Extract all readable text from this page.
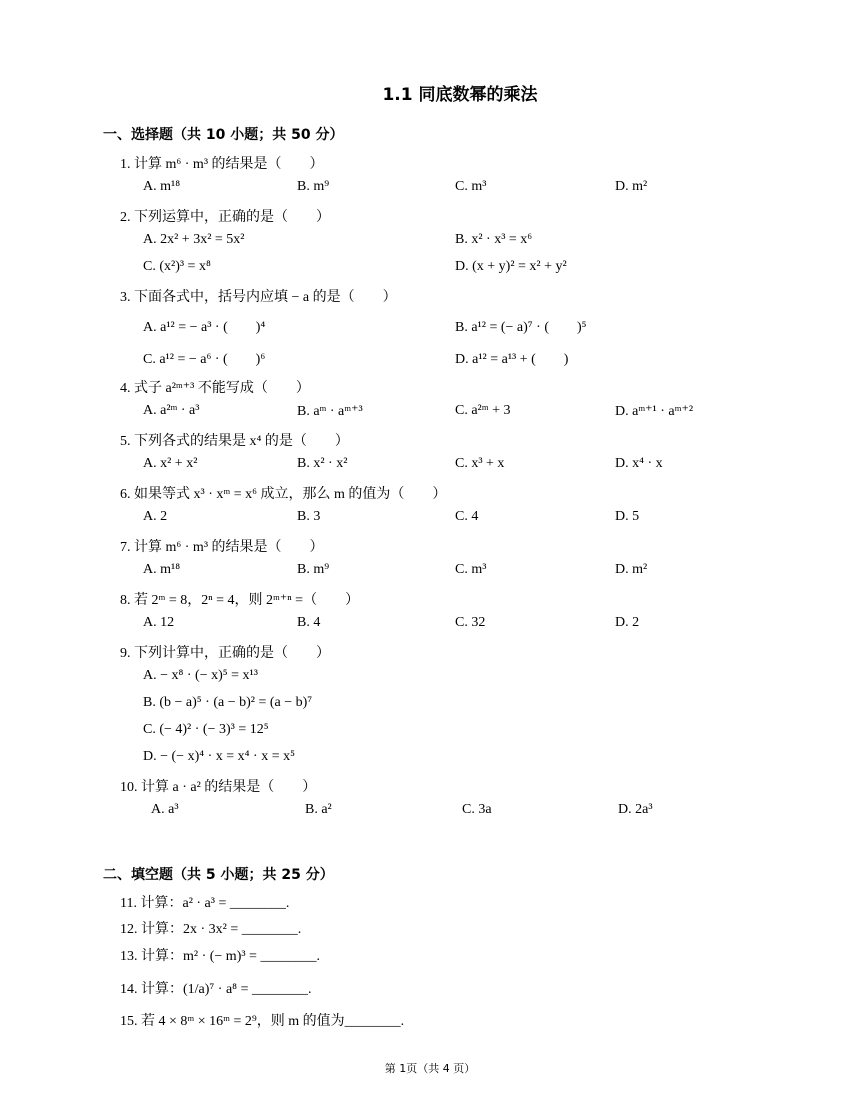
1.1 同底数幂的乘法
一、选择题（共 10 小题；共 50 分）
1. 计算 m⁶ · m³ 的结果是（　　）
A. m¹⁸	B. m⁹	C. m³	D. m²
2. 下列运算中，正确的是（　　）
A. 2x² + 3x² = 5x²	B. x² · x³ = x⁶
C. (x²)³ = x⁸	D. (x + y)² = x² + y²
3. 下面各式中，括号内应填 − a 的是（　　）
A. a¹² = − a³ · (　　)⁴	B. a¹² = (− a)⁷ · (　　)⁵
C. a¹² = − a⁶ · (　　)⁶	D. a¹² = a¹³ + (　　)
4. 式子 a²ᵐ⁺³ 不能写成（　　）
A. a²ᵐ · a³	B. aᵐ · aᵐ⁺³	C. a²ᵐ + 3	D. aᵐ⁺¹ · aᵐ⁺²
5. 下列各式的结果是 x⁴ 的是（　　）
A. x² + x²	B. x² · x²	C. x³ + x	D. x⁴ · x
6. 如果等式 x³ · xᵐ = x⁶ 成立，那么 m 的值为（　　）
A. 2	B. 3	C. 4	D. 5
7. 计算 m⁶ · m³ 的结果是（　　）
A. m¹⁸	B. m⁹	C. m³	D. m²
8. 若 2ᵐ = 8，2ⁿ = 4，则 2ᵐ⁺ⁿ =（　　）
A. 12	B. 4	C. 32	D. 2
9. 下列计算中，正确的是（　　）
A. − x⁸ · (− x)⁵ = x¹³
B. (b − a)⁵ · (a − b)² = (a − b)⁷
C. (− 4)² · (− 3)³ = 12⁵
D. − (− x)⁴ · x = x⁴ · x = x⁵
10. 计算 a · a² 的结果是（　　）
A. a³	B. a²	C. 3a	D. 2a³
二、填空题（共 5 小题；共 25 分）
11. 计算：a² · a³ = ________.
12. 计算：2x · 3x² = ________.
13. 计算：m² · (− m)³ = ________.
14. 计算：(1/a)⁷ · a⁸ = ________.
15. 若 4 × 8ᵐ × 16ᵐ = 2⁹，则 m 的值为________.
第 1页（共 4 页）
